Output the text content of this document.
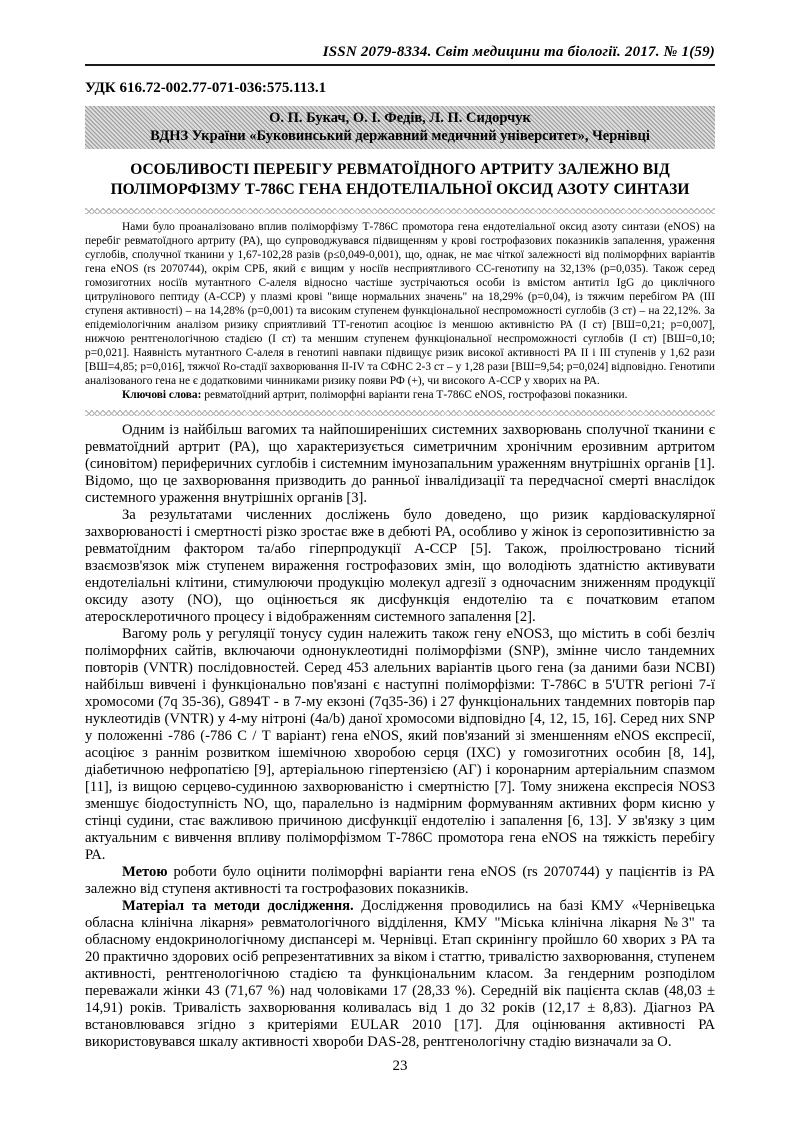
ISSN 2079-8334. Світ медицини та біології. 2017. № 1(59)
УДК 616.72-002.77-071-036:575.113.1
О. П. Букач, О. І. Федів, Л. П. Сидорчук
ВДНЗ України «Буковинський державний медичний університет», Чернівці
ОСОБЛИВОСТІ ПЕРЕБІГУ РЕВМАТОЇДНОГО АРТРИТУ ЗАЛЕЖНО ВІД ПОЛІМОРФІЗМУ Т-786С ГЕНА ЕНДОТЕЛІАЛЬНОЇ ОКСИД АЗОТУ СИНТАЗИ

Нами було проаналізовано вплив поліморфізму Т-786С промотора гена ендотеліальної оксид азоту синтази (eNOS) на перебіг ревматоїдного артриту (РА), що супроводжувався підвищенням у крові гострофазових показників запалення, ураження суглобів, сполучної тканини у 1,67-102,28 разів (p≤0,049-0,001), що, однак, не має чіткої залежності від поліморфних варіантів гена eNOS (rs 2070744), окрім СРБ, який є вищим у носіїв несприятливого СС-генотипу на 32,13% (p=0,035). Також серед гомозиготних носіїв мутантного С-алеля відносно частіше зустрічаються особи із вмістом антитіл IgG до циклічного цитрулінового пептиду (А-ССР) у плазмі крові "вище нормальних значень" на 18,29% (р=0,04), із тяжчим перебігом РА (ІІІ ступеня активності) – на 14,28% (р=0,001) та високим ступенем функціональної неспроможності суглобів (3 ст) – на 22,12%. За епідеміологічним аналізом ризику сприятливий ТТ-генотип асоціює із меншою активністю РА (І ст) [ВШ=0,21; р=0,007], нижчою рентгенологічною стадією (І ст) та меншим ступенем функціональної неспроможності суглобів (І ст) [ВШ=0,10; р=0,021]. Наявність мутантного С-алеля в генотипі навпаки підвищує ризик високої активності РА ІІ і ІІІ ступенів у 1,62 рази [ВШ=4,85; р=0,016], тяжчої Ro-стадії захворювання ІІ-ІV та СФНС 2-3 ст – у 1,28 рази [ВШ=9,54; р=0,024] відповідно. Генотипи аналізованого гена не є додатковими чинниками ризику появи РФ (+), чи високого А-ССР у хворих на РА.

Ключові слова: ревматоїдний артрит, поліморфні варіанти гена Т-786С eNOS, гострофазові показники.

Одним із найбільш вагомих та найпоширеніших системних захворювань сполучної тканини є ревматоїдний артрит (РА), що характеризується симетричним хронічним ерозивним артритом (синовітом) периферичних суглобів і системним імунозапальним ураженням внутрішніх органів [1]. Відомо, що це захворювання призводить до ранньої інвалідизації та передчасної смерті внаслідок системного ураження внутрішніх органів [3].

За результатами численних досліжень було доведено, що ризик кардіоваскулярної захворюваності і смертності різко зростає вже в дебюті РА, особливо у жінок із серопозитивністю за ревматоїдним фактором та/або гіперпродукції А-ССР [5]. Також, проілюстровано тісний взаємозв'язок між ступенем вираження гострофазових змін, що володіють здатністю активувати ендотеліальні клітини, стимулюючи продукцію молекул адгезії з одночасним зниженням продукції оксиду азоту (NO), що оцінюється як дисфункція ендотелію та є початковим етапом атеросклеротичного процесу і відображенням системного запалення [2].

Вагому роль у регуляції тонусу судин належить також гену eNOS3, що містить в собі безліч поліморфних сайтів, включаючи однонуклеотидні поліморфізми (SNP), змінне число тандемних повторів (VNTR) послідовностей. Серед 453 алельних варіантів цього гена (за даними бази NCBI) найбільш вивчені і функціонально пов'язані є наступні поліморфізми: Т-786С в 5'UTR регіоні 7-ї хромосоми (7q 35-36), G894T - в 7-му екзоні (7q35-36) і 27 функціональних тандемних повторів пар нуклеотидів (VNTR) у 4-му нітроні (4a/b) даної хромосоми відповідно [4, 12, 15, 16]. Серед них SNP у положенні -786 (-786 С / Т варіант) гена eNOS, який пов'язаний зі зменшенням eNOS експресії, асоціює з раннім розвитком ішемічною хворобою серця (ІХС) у гомозиготних особин [8, 14], діабетичною нефропатією [9], артеріальною гіпертензією (АГ) і коронарним артеріальним спазмом [11], із вищою серцево-судинною захворюваністю і смертністю [7]. Тому знижена експресія NOS3 зменшує біодоступність NO, що, паралельно із надмірним формуванням активних форм кисню у стінці судини, стає важливою причиною дисфункції ендотелію і запалення [6, 13]. У зв'язку з цим актуальним є вивчення впливу поліморфізмом Т-786С промотора гена eNOS на тяжкість перебігу РА.

Метою роботи було оцінити поліморфні варіанти гена eNOS (rs 2070744) у пацієнтів із РА залежно від ступеня активності та гострофазових показників.

Матеріал та методи дослідження. Дослідження проводились на базі КМУ «Чернівецька обласна клінічна лікарня» ревматологічного відділення, КМУ "Міська клінічна лікарня №3" та обласному ендокринологічному диспансері м. Чернівці. Етап скринінгу пройшло 60 хворих з РА та 20 практично здорових осіб репрезентативних за віком і статтю, тривалістю захворювання, ступенем активності, рентгенологічною стадією та функціональним класом. За гендерним розподілом переважали жінки 43 (71,67 %) над чоловіками 17 (28,33 %). Середній вік пацієнта склав (48,03 ± 14,91) років. Тривалість захворювання коливалась від 1 до 32 років (12,17 ± 8,83). Діагноз РА встановлювався згідно з критеріями EULAR 2010 [17]. Для оцінювання активності РА використовувався шкалу активності хвороби DAS-28, рентгенологічну стадію визначали за О.

23
